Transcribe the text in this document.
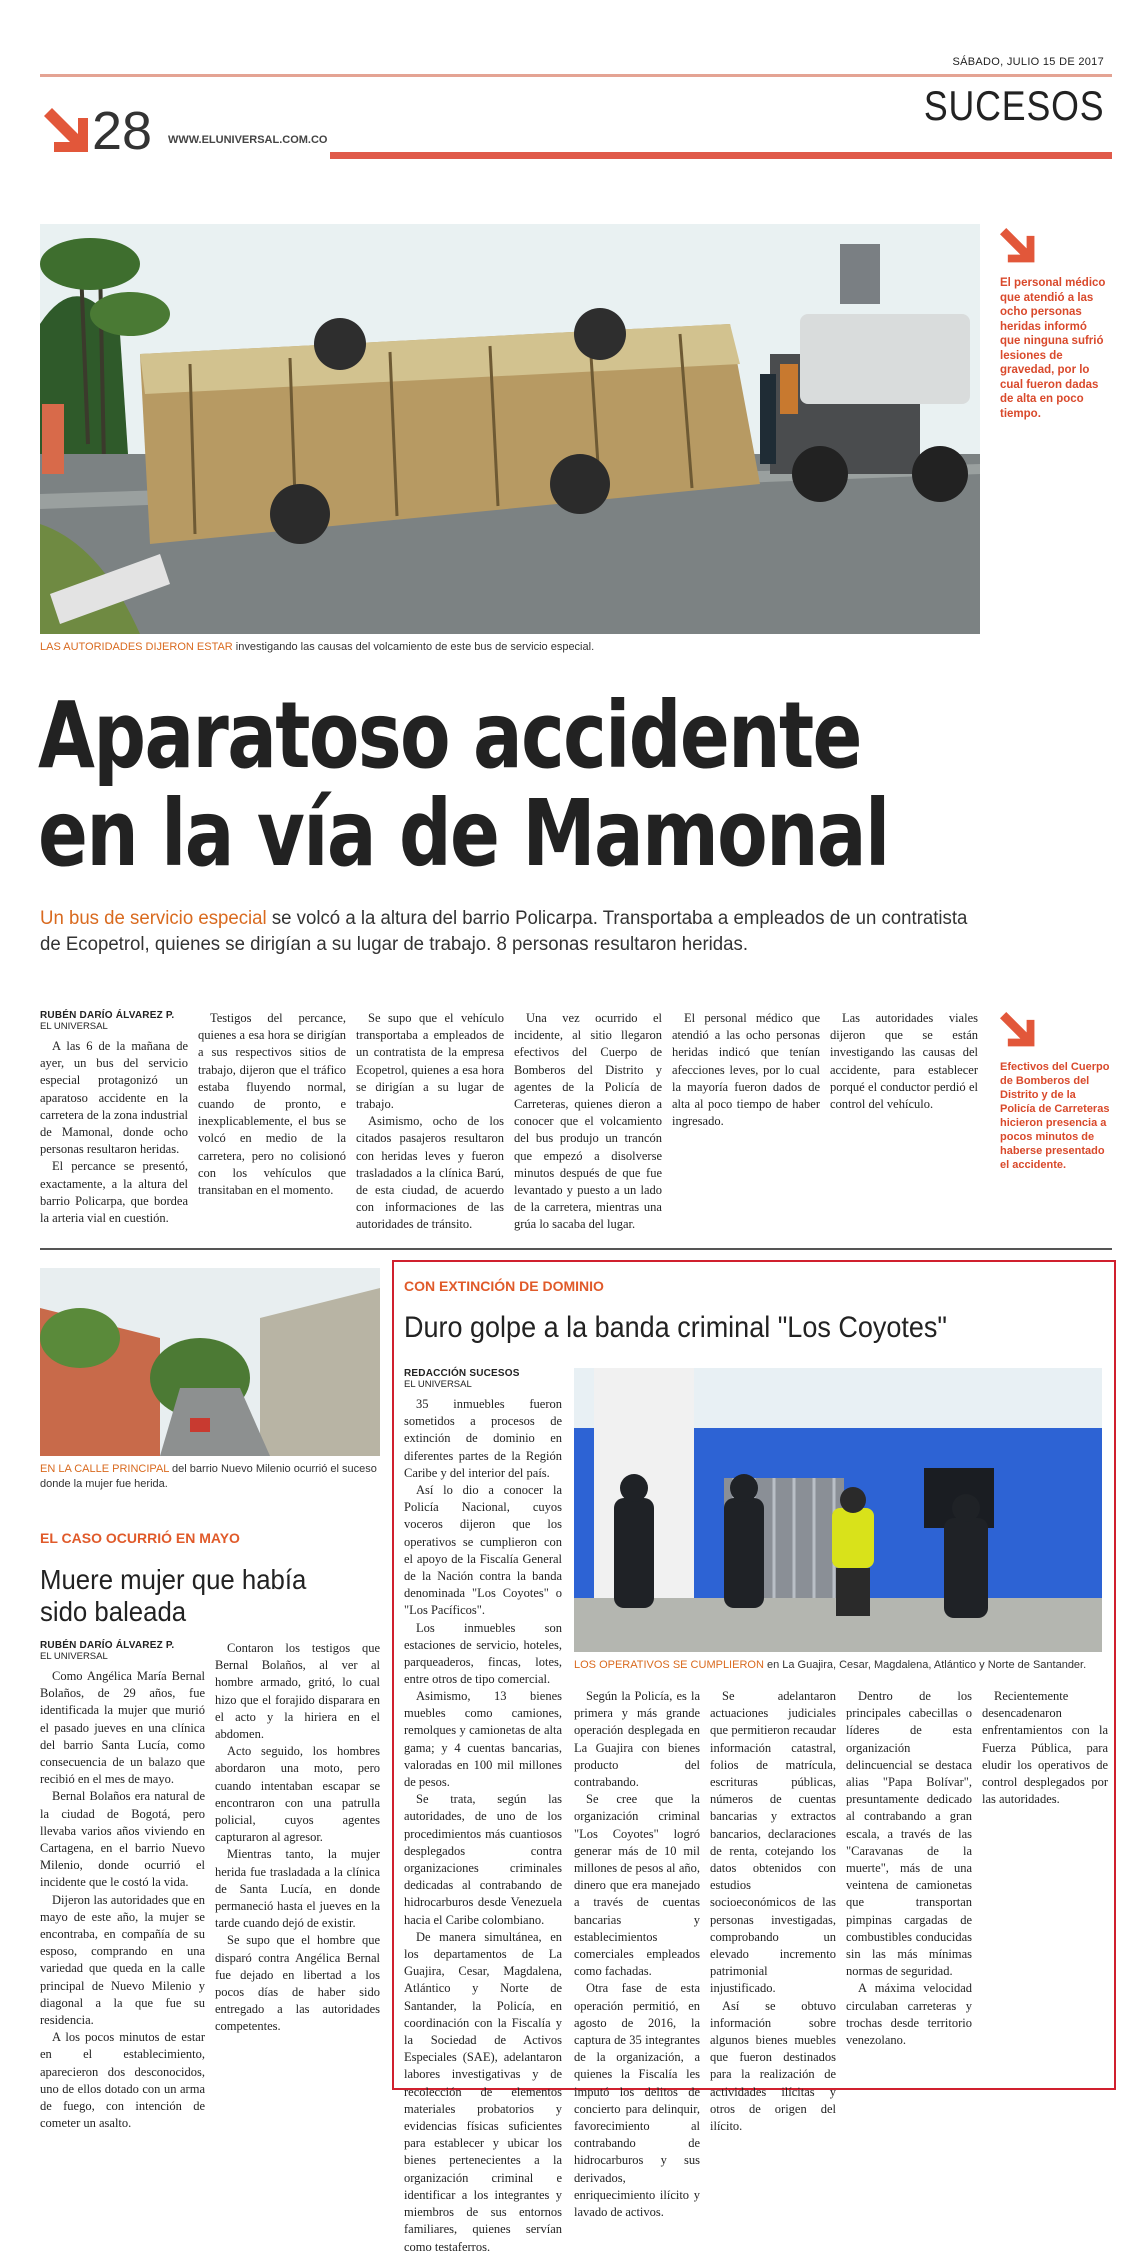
SÁBADO, JULIO 15 DE 2017
SUCESOS
28 WWW.ELUNIVERSAL.COM.CO
LAS AUTORIDADES DIJERON ESTAR investigando las causas del volcamiento de este bus de servicio especial.
El personal médico que atendió a las ocho personas heridas informó que ninguna sufrió lesiones de gravedad, por lo cual fueron dadas de alta en poco tiempo.
Aparatoso accidente
en la vía de Mamonal
Un bus de servicio especial se volcó a la altura del barrio Policarpa. Transportaba a empleados de un contratista de Ecopetrol, quienes se dirigían a su lugar de trabajo. 8 personas resultaron heridas.
RUBÉN DARÍO ÁLVAREZ P.
EL UNIVERSAL

A las 6 de la mañana de ayer, un bus del servicio especial protagonizó un aparatoso accidente en la carretera de la zona industrial de Mamonal, donde ocho personas resultaron heridas.

El percance se presentó, exactamente, a la altura del barrio Policarpa, que bordea la arteria vial en cuestión.

Testigos del percance, quienes a esa hora se dirigían a sus respectivos sitios de trabajo, dijeron que el tráfico estaba fluyendo normal, cuando de pronto, e inexplicablemente, el bus se volcó en medio de la carretera, pero no colisionó con los vehículos que transitaban en el momento.

Se supo que el vehículo transportaba a empleados de un contratista de la empresa Ecopetrol, quienes a esa hora se dirigían a su lugar de trabajo.

Asimismo, ocho de los citados pasajeros resultaron con heridas leves y fueron trasladados a la clínica Barú, de esta ciudad, de acuerdo con informaciones de las autoridades de tránsito.

Una vez ocurrido el incidente, al sitio llegaron efectivos del Cuerpo de Bomberos del Distrito y agentes de la Policía de Carreteras, quienes dieron a conocer que el volcamiento del bus produjo un trancón que empezó a disolverse minutos después de que fue levantado y puesto a un lado de la carretera, mientras una grúa lo sacaba del lugar.

El personal médico que atendió a las ocho personas heridas indicó que tenían afecciones leves, por lo cual la mayoría fueron dados de alta al poco tiempo de haber ingresado.

Las autoridades viales dijeron que se están investigando las causas del accidente, para establecer porqué el conductor perdió el control del vehículo.

Efectivos del Cuerpo de Bomberos del Distrito y de la Policía de Carreteras hicieron presencia a pocos minutos de haberse presentado el accidente.
EN LA CALLE PRINCIPAL del barrio Nuevo Milenio ocurrió el suceso donde la mujer fue herida.
EL CASO OCURRIÓ EN MAYO
Muere mujer que había sido baleada
RUBÉN DARÍO ÁLVAREZ P.
EL UNIVERSAL

Como Angélica María Bernal Bolaños, de 29 años, fue identificada la mujer que murió el pasado jueves en una clínica del barrio Santa Lucía, como consecuencia de un balazo que recibió en el mes de mayo.

Bernal Bolaños era natural de la ciudad de Bogotá, pero llevaba varios años viviendo en Cartagena, en el barrio Nuevo Milenio, donde ocurrió el incidente que le costó la vida.

Dijeron las autoridades que en mayo de este año, la mujer se encontraba, en compañía de su esposo, comprando en una variedad que queda en la calle principal de Nuevo Milenio y diagonal a la que fue su residencia.

A los pocos minutos de estar en el establecimiento, aparecieron dos desconocidos, uno de ellos dotado con un arma de fuego, con intención de cometer un asalto.

Contaron los testigos que Bernal Bolaños, al ver al hombre armado, gritó, lo cual hizo que el forajido disparara en el acto y la hiriera en el abdomen.

Acto seguido, los hombres abordaron una moto, pero cuando intentaban escapar se encontraron con una patrulla policial, cuyos agentes capturaron al agresor.

Mientras tanto, la mujer herida fue trasladada a la clínica de Santa Lucía, en donde permaneció hasta el jueves en la tarde cuando dejó de existir.

Se supo que el hombre que disparó contra Angélica Bernal fue dejado en libertad a los pocos días de haber sido entregado a las autoridades competentes.

CON EXTINCIÓN DE DOMINIO
Duro golpe a la banda criminal "Los Coyotes"
REDACCIÓN SUCESOS
EL UNIVERSAL

35 inmuebles fueron sometidos a procesos de extinción de dominio en diferentes partes de la Región Caribe y del interior del país.

Así lo dio a conocer la Policía Nacional, cuyos voceros dijeron que los operativos se cumplieron con el apoyo de la Fiscalía General de la Nación contra la banda denominada "Los Coyotes" o "Los Pacíficos".

Los inmuebles son estaciones de servicio, hoteles, parqueaderos, fincas, lotes, entre otros de tipo comercial.

LOS OPERATIVOS SE CUMPLIERON en La Guajira, Cesar, Magdalena, Atlántico y Norte de Santander.

Asimismo, 13 bienes muebles como camiones, remolques y camionetas de alta gama; y 4 cuentas bancarias, valoradas en 100 mil millones de pesos.

Se trata, según las autoridades, de uno de los procedimientos más cuantiosos desplegados contra organizaciones criminales dedicadas al contrabando de hidrocarburos desde Venezuela hacia el Caribe colombiano.

De manera simultánea, en los departamentos de La Guajira, Cesar, Magdalena, Atlántico y Norte de Santander, la Policía, en coordinación con la Fiscalía y la Sociedad de Activos Especiales (SAE), adelantaron labores investigativas y de recolección de elementos materiales probatorios y evidencias físicas suficientes para establecer y ubicar los bienes pertenecientes a la organización criminal e identificar a los integrantes y miembros de sus entornos familiares, quienes servían como testaferros.

Según la Policía, es la primera y más grande operación desplegada en La Guajira con bienes producto del contrabando.

Se cree que la organización criminal "Los Coyotes" logró generar más de 10 mil millones de pesos al año, dinero que era manejado a través de cuentas bancarias y establecimientos comerciales empleados como fachadas.

Otra fase de esta operación permitió, en agosto de 2016, la captura de 35 integrantes de la organización, a quienes la Fiscalía les imputó los delitos de concierto para delinquir, favorecimiento al contrabando de hidrocarburos y sus derivados, enriquecimiento ilícito y lavado de activos.

Se adelantaron actuaciones judiciales que permitieron recaudar información catastral, folios de matrícula, escrituras públicas, números de cuentas bancarias y extractos bancarios, declaraciones de renta, cotejando los datos obtenidos con estudios socioeconómicos de las personas investigadas, comprobando un elevado incremento patrimonial injustificado.

Así se obtuvo información sobre algunos bienes muebles que fueron destinados para la realización de actividades ilícitas y otros de origen del ilícito.

Dentro de los principales cabecillas o líderes de esta organización delincuencial se destaca alias "Papa Bolívar", presuntamente dedicado al contrabando a gran escala, a través de las "Caravanas de la muerte", más de una veintena de camionetas que transportan pimpinas cargadas de combustibles conducidas sin las más mínimas normas de seguridad.

A máxima velocidad circulaban carreteras y trochas desde territorio venezolano.

Recientemente desencadenaron enfrentamientos con la Fuerza Pública, para eludir los operativos de control desplegados por las autoridades.
